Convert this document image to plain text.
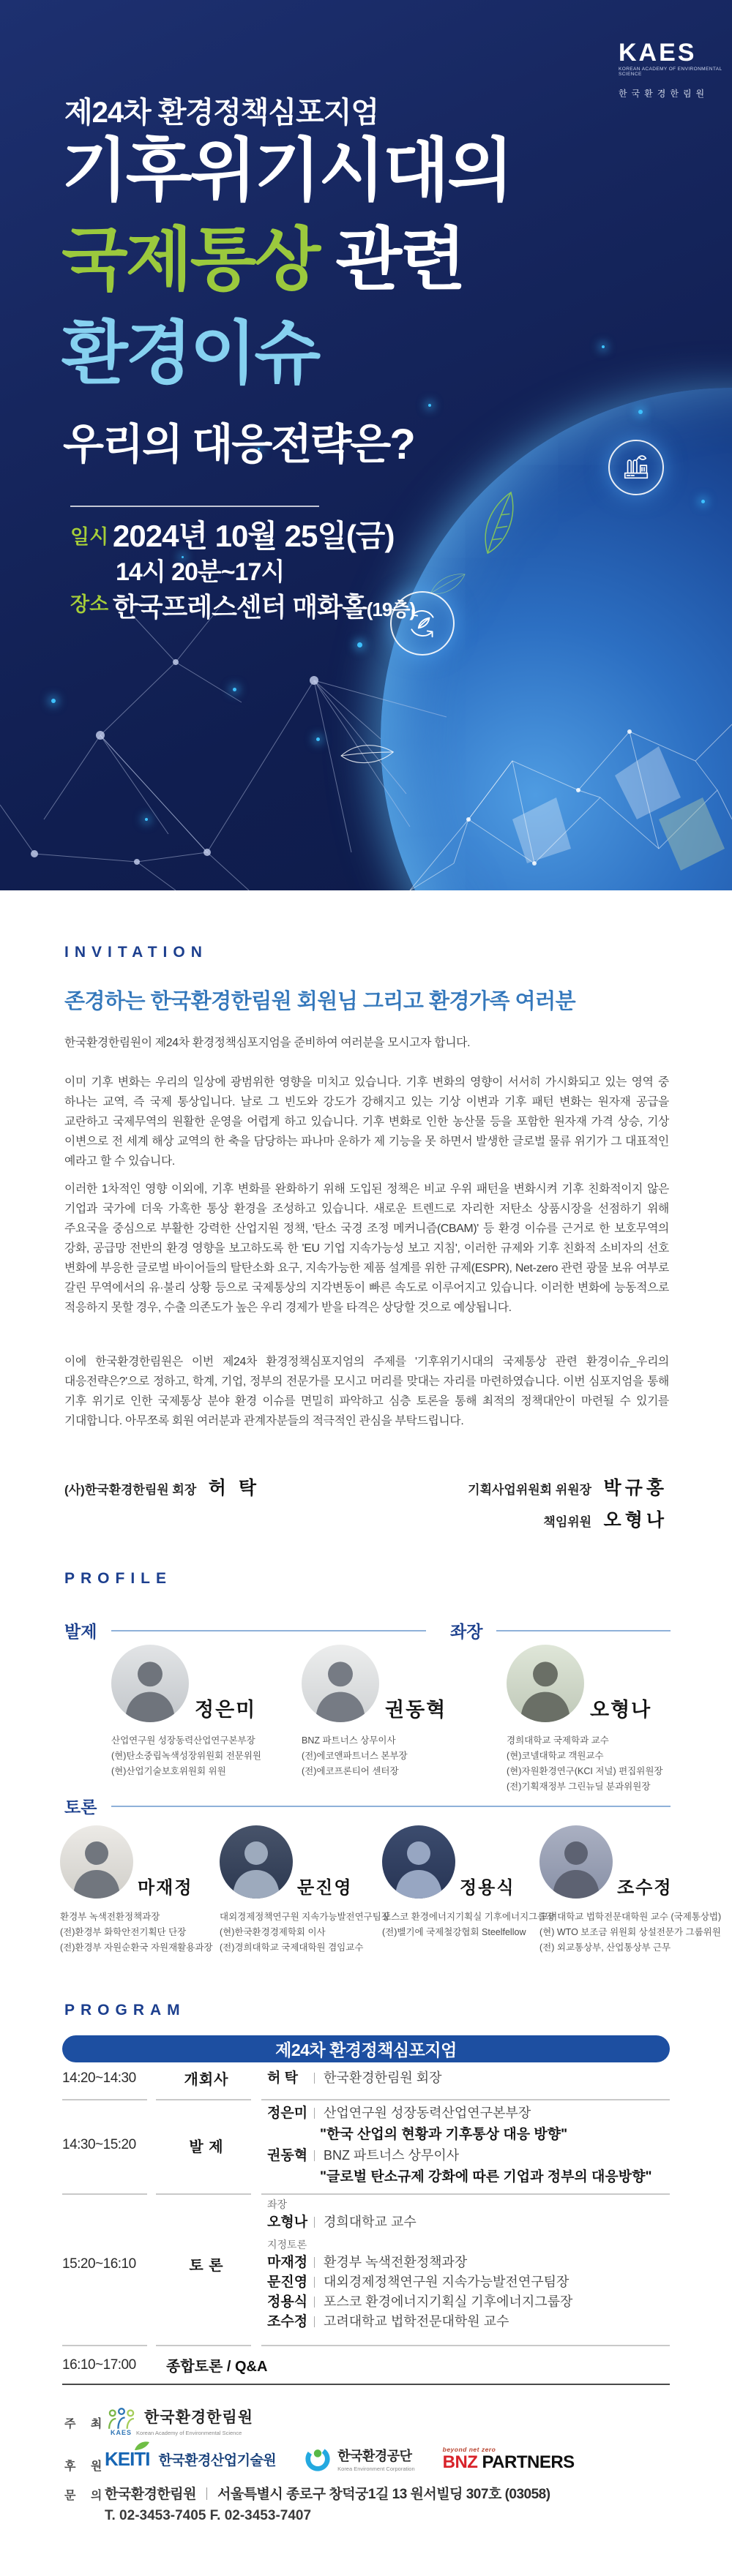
KAES
KOREAN ACADEMY OF ENVIRONMENTAL SCIENCE
한국환경한림원
제24차 환경정책심포지엄
기후위기시대의
국제통상 관련
환경이슈
우리의 대응전략은?
일시 2024년 10월 25일(금)
14시 20분~17시
장소 한국프레스센터 매화홀(19층)
INVITATION
존경하는 한국환경한림원 회원님 그리고 환경가족 여러분
한국환경한림원이 제24차 환경정책심포지엄을 준비하여 여러분을 모시고자 합니다.
이미 기후 변화는 우리의 일상에 광범위한 영향을 미치고 있습니다. 기후 변화의 영향이 서서히 가시화되고 있는 영역 중 하나는 교역, 즉 국제 통상입니다. 날로 그 빈도와 강도가 강해지고 있는 기상 이변과 기후 패턴 변화는 원자재 공급을 교란하고 국제무역의 원활한 운영을 어렵게 하고 있습니다. 기후 변화로 인한 농산물 등을 포함한 원자재 가격 상승, 기상 이변으로 전 세계 해상 교역의 한 축을 담당하는 파나마 운하가 제 기능을 못 하면서 발생한 글로벌 물류 위기가 그 대표적인 예라고 할 수 있습니다.
이러한 1차적인 영향 이외에, 기후 변화를 완화하기 위해 도입된 정책은 비교 우위 패턴을 변화시켜 기후 친화적이지 않은 기업과 국가에 더욱 가혹한 통상 환경을 조성하고 있습니다. 새로운 트렌드로 자리한 저탄소 상품시장을 선점하기 위해 주요국을 중심으로 부활한 강력한 산업지원 정책, '탄소 국경 조정 메커니즘(CBAM)' 등 환경 이슈를 근거로 한 보호무역의 강화, 공급망 전반의 환경 영향을 보고하도록 한 'EU 기업 지속가능성 보고 지침', 이러한 규제와 기후 친화적 소비자의 선호 변화에 부응한 글로벌 바이어들의 탈탄소화 요구, 지속가능한 제품 설계를 위한 규제(ESPR), Net-zero 관련 광물 보유 여부로 갈린 무역에서의 유·불리 상황 등으로 국제통상의 지각변동이 빠른 속도로 이루어지고 있습니다. 이러한 변화에 능동적으로 적응하지 못할 경우, 수출 의존도가 높은 우리 경제가 받을 타격은 상당할 것으로 예상됩니다.
이에 한국환경한림원은 이번 제24차 환경정책심포지엄의 주제를 '기후위기시대의 국제통상 관련 환경이슈_우리의 대응전략은?'으로 정하고, 학계, 기업, 정부의 전문가를 모시고 머리를 맞대는 자리를 마련하였습니다. 이번 심포지엄을 통해 기후 위기로 인한 국제통상 분야 환경 이슈를 면밀히 파악하고 심층 토론을 통해 최적의 정책대안이 마련될 수 있기를 기대합니다. 아무쪼록 회원 여러분과 관계자분들의 적극적인 관심을 부탁드립니다.
(사)한국환경한림원 회장 허 탁	기획사업위원회 위원장 박규홍
책임위원 오형나
PROFILE
발제	좌장
정은미
산업연구원 성장동력산업연구본부장
(현)탄소중립녹색성장위원회 전문위원
(현)산업기술보호위원회 위원
권동혁
BNZ 파트너스 상무이사
(전)에코앤파트너스 본부장
(전)에코프론티어 센터장
오형나
경희대학교 국제학과 교수
(현)코넬대학교 객원교수
(현)자원환경연구(KCI 저널) 편집위원장
(전)기획재정부 그린뉴딜 분과위원장
토론
마재정
환경부 녹색전환정책과장
(전)환경부 화학안전기획단 단장
(전)환경부 자원순환국 자원재활용과장
문진영
대외경제정책연구원 지속가능발전연구팀장
(현)한국환경경제학회 이사
(전)경희대학교 국제대학원 겸임교수
정용식
포스코 환경에너지기획실 기후에너지그룹장
(전)벨기에 국제철강협회 Steelfellow
조수정
고려대학교 법학전문대학원 교수 (국제통상법)
(현) WTO 보조금 위원회 상설전문가 그룹위원
(전) 외교통상부, 산업통상부 근무
PROGRAM
제24차 환경정책심포지엄
14:20~14:30	개회사	허 탁 한국환경한림원 회장
14:30~15:20	발 제
정은미 산업연구원 성장동력산업연구본부장
"한국 산업의 현황과 기후통상 대응 방향"
권동혁 BNZ 파트너스 상무이사
"글로벌 탄소규제 강화에 따른 기업과 정부의 대응방향"
15:20~16:10	토 론
좌장
오형나 경희대학교 교수
지정토론
마재정 환경부 녹색전환정책과장
문진영 대외경제정책연구원 지속가능발전연구팀장
정용식 포스코 환경에너지기획실 기후에너지그룹장
조수정 고려대학교 법학전문대학원 교수
16:10~17:00	종합토론 / Q&A
주 최 한국환경한림원
KAES Korean Academy of Environmental Science
후 원
KEITI 한국환경산업기술원	한국환경공단
Korea Environment Corporation
beyond net zero
BNZ PARTNERS
문 의
한국환경한림원 서울특별시 종로구 창덕궁1길 13 원서빌딩 307호 (03058)
T. 02-3453-7405 F. 02-3453-7407
